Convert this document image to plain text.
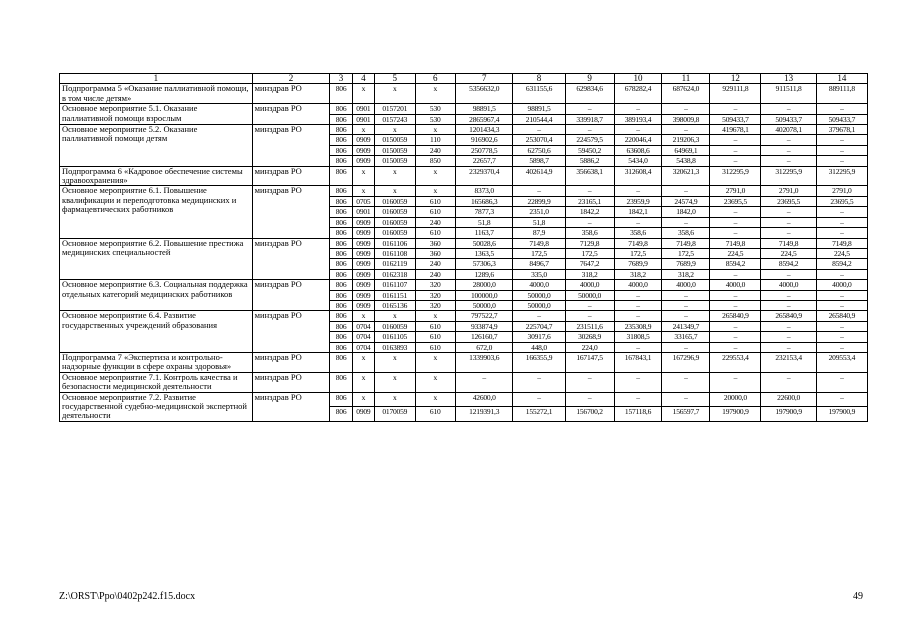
1	2	3	4	5	6	7	8	9	10	11	12	13	14
Подпрограмма 5 «Оказание паллиативной помощи, в том числе детям»	минздрав РО	806	x	x	x	5356632,0	631155,6	629834,6	678282,4	687624,0	929111,8	911511,8	889111,8
Основное мероприятие 5.1. Оказание паллиативной помощи взрослым	минздрав РО	806	0901	0157201	530	98891,5	98891,5	–	–	–	–	–	–
		806	0901	0157243	530	2865967,4	210544,4	339918,7	389193,4	398009,8	509433,7	509433,7	509433,7
Основное мероприятие 5.2. Оказание паллиативной помощи детям	минздрав РО	806	x	x	x	1201434,3	–	–	–	–	419678,1	402078,1	379678,1
		806	0909	0150059	110	916902,6	253070,4	224579,5	220046,4	219206,3	–	–	–
		806	0909	0150059	240	250778,5	62750,6	59450,2	63608,6	64969,1	–	–	–
		806	0909	0150059	850	22657,7	5898,7	5886,2	5434,0	5438,8	–	–	–
Подпрограмма 6 «Кадровое обеспечение системы здравоохранения»	минздрав РО	806	x	x	x	2329370,4	402614,9	356638,1	312608,4	320621,3	312295,9	312295,9	312295,9
Основное мероприятие 6.1. Повышение квалификации и переподготовка медицинских и фармацевтических работников	минздрав РО	806	x	x	x	8373,0	–	–	–	–	2791,0	2791,0	2791,0
		806	0705	0160059	610	165686,3	22899,9	23165,1	23959,9	24574,9	23695,5	23695,5	23695,5
		806	0901	0160059	610	7877,3	2351,0	1842,2	1842,1	1842,0	–	–	–
		806	0909	0160059	240	51,8	51,8	–	–	–	–	–	–
		806	0909	0160059	610	1163,7	87,9	358,6	358,6	358,6	–	–	–
Основное мероприятие 6.2. Повышение престижа медицинских специальностей	минздрав РО	806	0909	0161106	360	50028,6	7149,8	7129,8	7149,8	7149,8	7149,8	7149,8	7149,8
		806	0909	0161108	360	1363,5	172,5	172,5	172,5	172,5	224,5	224,5	224,5
		806	0909	0162119	240	57306,3	8496,7	7647,2	7689,9	7689,9	8594,2	8594,2	8594,2
		806	0909	0162318	240	1289,6	335,0	318,2	318,2	318,2	–	–	–
Основное мероприятие 6.3. Социальная поддержка отдельных категорий медицинских работников	минздрав РО	806	0909	0161107	320	28000,0	4000,0	4000,0	4000,0	4000,0	4000,0	4000,0	4000,0
		806	0909	0161151	320	100000,0	50000,0	50000,0	–	–	–	–	–
		806	0909	0165136	320	50000,0	50000,0	–	–	–	–	–	–
Основное мероприятие 6.4. Развитие государственных учреждений образования	минздрав РО	806	x	x	x	797522,7	–	–	–	–	265840,9	265840,9	265840,9
		806	0704	0160059	610	933874,9	225704,7	231511,6	235308,9	241349,7	–	–	–
		806	0704	0161105	610	126160,7	30917,6	30268,9	31808,5	33165,7	–	–	–
		806	0704	0163893	610	672,0	448,0	224,0	–	–	–	–	–
Подпрограмма 7 «Экспертиза и контрольно-надзорные функции в сфере охраны здоровья»	минздрав РО	806	x	x	x	1339903,6	166355,9	167147,5	167843,1	167296,9	229553,4	232153,4	209553,4
Основное мероприятие 7.1. Контроль качества и безопасности медицинской деятельности	минздрав РО	806	x	x	x	–	–	–	–	–	–	–	–
Основное мероприятие 7.2. Развитие государственной судебно-медицинской экспертной деятельности	минздрав РО	806	x	x	x	42600,0	–	–	–	–	20000,0	22600,0	–
		806	0909	0170059	610	1219391,3	155272,1	156700,2	157118,6	156597,7	197900,9	197900,9	197900,9
Z:\ORST\Ppo\0402p242.f15.docx	49
